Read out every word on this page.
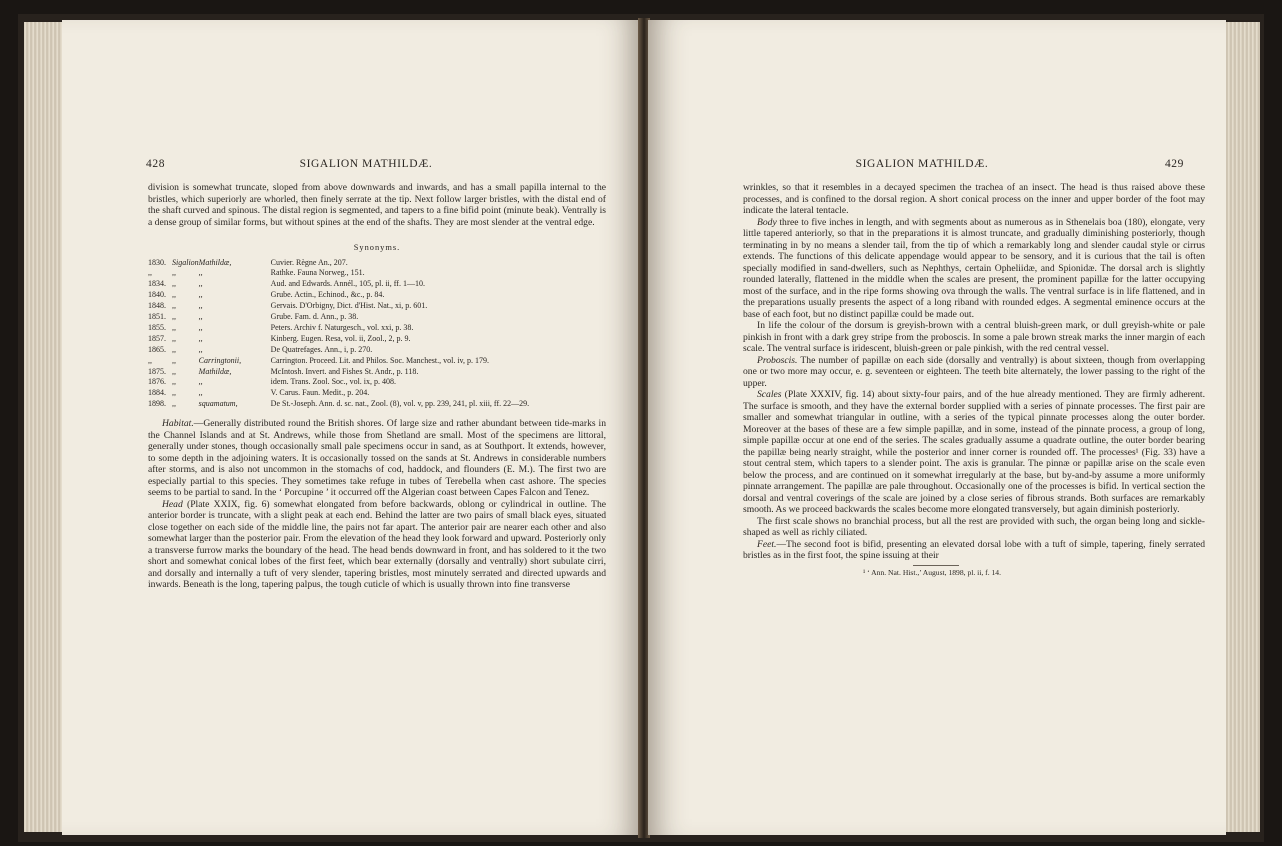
428	SIGALION MATHILDÆ.

division is somewhat truncate, sloped from above downwards and inwards, and has a small papilla internal to the bristles, which superiorly are whorled, then finely serrate at the tip. Next follow larger bristles, with the distal end of the shaft curved and spinous. The distal region is segmented, and tapers to a fine bifid point (minute beak). Ventrally is a dense group of similar forms, but without spines at the end of the shafts. They are most slender at the ventral edge.

Synonyms.
1830.	Sigalion	Mathildæ,	Cuvier. Règne An., 207.
,,	,,	,,	Rathke. Fauna Norweg., 151.
1834.	,,	,,	Aud. and Edwards. Annél., 105, pl. ii, ff. 1—10.
1840.	,,	,,	Grube. Actin., Echinod., &c., p. 84.
1848.	,,	,,	Gervais. D'Orbigny, Dict. d'Hist. Nat., xi, p. 601.
1851.	,,	,,	Grube. Fam. d. Ann., p. 38.
1855.	,,	,,	Peters. Archiv f. Naturgesch., vol. xxi, p. 38.
1857.	,,	,,	Kinberg. Eugen. Resa, vol. ii, Zool., 2, p. 9.
1865.	,,	,,	De Quatrefages. Ann., i, p. 270.
,,	,,	Carringtonii,	Carrington. Proceed. Lit. and Philos. Soc. Manchest., vol. iv, p. 179.
1875.	,,	Mathildæ,	McIntosh. Invert. and Fishes St. Andr., p. 118.
1876.	,,	,,	idem. Trans. Zool. Soc., vol. ix, p. 408.
1884.	,,	,,	V. Carus. Faun. Medit., p. 204.
1898.	,,	squamatum,	De St.-Joseph. Ann. d. sc. nat., Zool. (8), vol. v, pp. 239, 241, pl. xiii, ff. 22—29.

Habitat.—Generally distributed round the British shores. Of large size and rather abundant between tide-marks in the Channel Islands and at St. Andrews, while those from Shetland are small. Most of the specimens are littoral, generally under stones, though occasionally small pale specimens occur in sand, as at Southport. It extends, however, to some depth in the adjoining waters. It is occasionally tossed on the sands at St. Andrews in considerable numbers after storms, and is also not uncommon in the stomachs of cod, haddock, and flounders (E. M.). The first two are especially partial to this species. They sometimes take refuge in tubes of Terebella when cast ashore. The species seems to be partial to sand. In the ‘ Porcupine ’ it occurred off the Algerian coast between Capes Falcon and Tenez.

Head (Plate XXIX, fig. 6) somewhat elongated from before backwards, oblong or cylindrical in outline. The anterior border is truncate, with a slight peak at each end. Behind the latter are two pairs of small black eyes, situated close together on each side of the middle line, the pairs not far apart. The anterior pair are nearer each other and also somewhat larger than the posterior pair. From the elevation of the head they look forward and upward. Posteriorly only a transverse furrow marks the boundary of the head. The head bends downward in front, and has soldered to it the two short and somewhat conical lobes of the first feet, which bear externally (dorsally and ventrally) short subulate cirri, and dorsally and internally a tuft of very slender, tapering bristles, most minutely serrated and directed upwards and inwards. Beneath is the long, tapering palpus, the tough cuticle of which is usually thrown into fine transverse

SIGALION MATHILDÆ.	429

wrinkles, so that it resembles in a decayed specimen the trachea of an insect. The head is thus raised above these processes, and is confined to the dorsal region. A short conical process on the inner and upper border of the foot may indicate the lateral tentacle.

Body three to five inches in length, and with segments about as numerous as in Sthenelais boa (180), elongate, very little tapered anteriorly, so that in the preparations it is almost truncate, and gradually diminishing posteriorly, though terminating in by no means a slender tail, from the tip of which a remarkably long and slender caudal style or cirrus extends. The functions of this delicate appendage would appear to be sensory, and it is curious that the tail is often specially modified in sand-dwellers, such as Nephthys, certain Opheliidæ, and Spionidæ. The dorsal arch is slightly rounded laterally, flattened in the middle when the scales are present, the prominent papillæ for the latter occupying most of the surface, and in the ripe forms showing ova through the walls. The ventral surface is in life flattened, and in the preparations usually presents the aspect of a long riband with rounded edges. A segmental eminence occurs at the base of each foot, but no distinct papillæ could be made out.

In life the colour of the dorsum is greyish-brown with a central bluish-green mark, or dull greyish-white or pale pinkish in front with a dark grey stripe from the proboscis. In some a pale brown streak marks the inner margin of each scale. The ventral surface is iridescent, bluish-green or pale pinkish, with the red central vessel.

Proboscis. The number of papillæ on each side (dorsally and ventrally) is about sixteen, though from overlapping one or two more may occur, e. g. seventeen or eighteen. The teeth bite alternately, the lower passing to the right of the upper.

Scales (Plate XXXIV, fig. 14) about sixty-four pairs, and of the hue already mentioned. They are firmly adherent. The surface is smooth, and they have the external border supplied with a series of pinnate processes. The first pair are smaller and somewhat triangular in outline, with a series of the typical pinnate processes along the outer border. Moreover at the bases of these are a few simple papillæ, and in some, instead of the pinnate process, a group of long, simple papillæ occur at one end of the series. The scales gradually assume a quadrate outline, the outer border bearing the papillæ being nearly straight, while the posterior and inner corner is rounded off. The processes¹ (Fig. 33) have a stout central stem, which tapers to a slender point. The axis is granular. The pinnæ or papillæ arise on the scale even below the process, and are continued on it somewhat irregularly at the base, but by-and-by assume a more uniformly pinnate arrangement. The papillæ are pale throughout. Occasionally one of the processes is bifid. In vertical section the dorsal and ventral coverings of the scale are joined by a close series of fibrous strands. Both surfaces are remarkably smooth. As we proceed backwards the scales become more elongated transversely, but again diminish posteriorly.

The first scale shows no branchial process, but all the rest are provided with such, the organ being long and sickle-shaped as well as richly ciliated.

Feet.—The second foot is bifid, presenting an elevated dorsal lobe with a tuft of simple, tapering, finely serrated bristles as in the first foot, the spine issuing at their

¹ ‘ Ann. Nat. Hist.,’ August, 1898, pl. ii, f. 14.
